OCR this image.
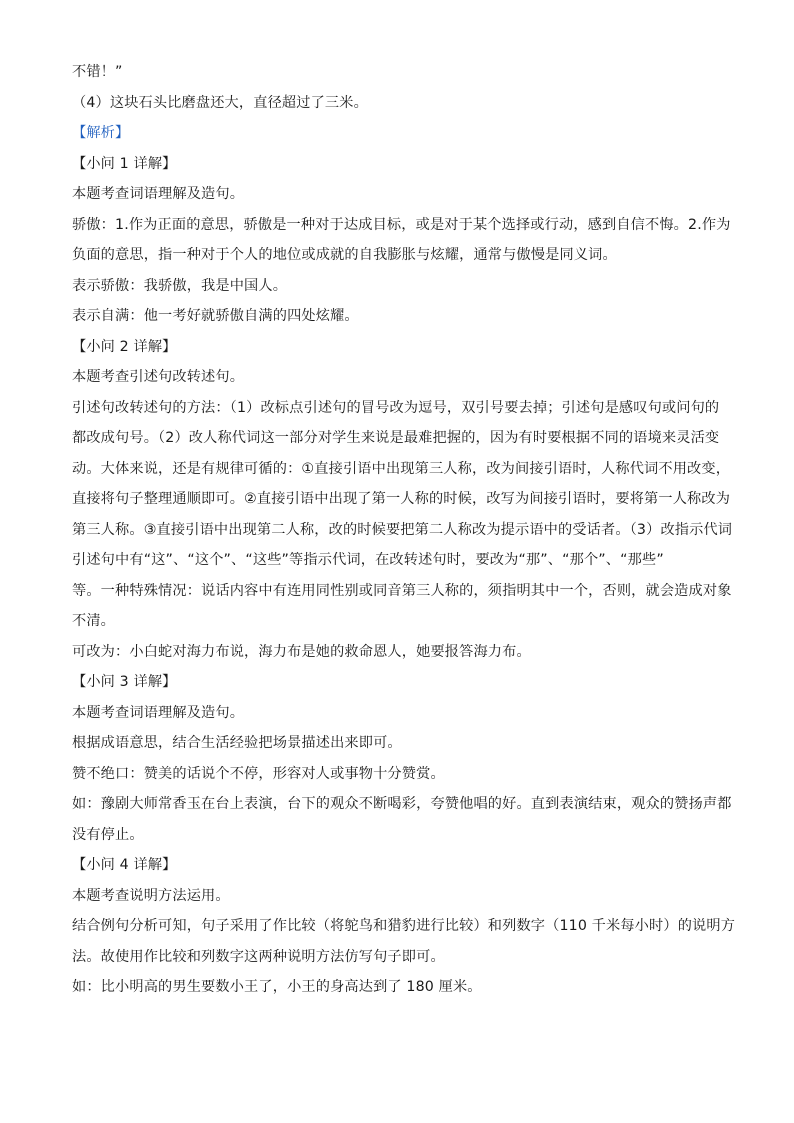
不错！”
（4）这块石头比磨盘还大，直径超过了三米。
【解析】
【小问 1 详解】
本题考查词语理解及造句。
骄傲：1.作为正面的意思，骄傲是一种对于达成目标，或是对于某个选择或行动，感到自信不悔。2.作为
负面的意思，指一种对于个人的地位或成就的自我膨胀与炫耀，通常与傲慢是同义词。
表示骄傲：我骄傲，我是中国人。
表示自满：他一考好就骄傲自满的四处炫耀。
【小问 2 详解】
本题考查引述句改转述句。
引述句改转述句的方法：（1）改标点引述句的冒号改为逗号，双引号要去掉；引述句是感叹句或问句的
都改成句号。（2）改人称代词这一部分对学生来说是最难把握的，因为有时要根据不同的语境来灵活变
动。大体来说，还是有规律可循的：①直接引语中出现第三人称，改为间接引语时，人称代词不用改变，
直接将句子整理通顺即可。②直接引语中出现了第一人称的时候，改写为间接引语时，要将第一人称改为
第三人称。③直接引语中出现第二人称，改的时候要把第二人称改为提示语中的受话者。（3）改指示代词
引述句中有“这”、“这个”、“这些”等指示代词，在改转述句时，要改为“那”、“那个”、“那些”
等。一种特殊情况：说话内容中有连用同性别或同音第三人称的，须指明其中一个，否则，就会造成对象
不清。
可改为：小白蛇对海力布说，海力布是她的救命恩人，她要报答海力布。
【小问 3 详解】
本题考查词语理解及造句。
根据成语意思，结合生活经验把场景描述出来即可。
赞不绝口：赞美的话说个不停，形容对人或事物十分赞赏。
如：豫剧大师常香玉在台上表演，台下的观众不断喝彩，夸赞他唱的好。直到表演结束，观众的赞扬声都
没有停止。
【小问 4 详解】
本题考查说明方法运用。
结合例句分析可知，句子采用了作比较（将鸵鸟和猎豹进行比较）和列数字（110 千米每小时）的说明方
法。故使用作比较和列数字这两种说明方法仿写句子即可。
如：比小明高的男生要数小王了，小王的身高达到了 180 厘米。
